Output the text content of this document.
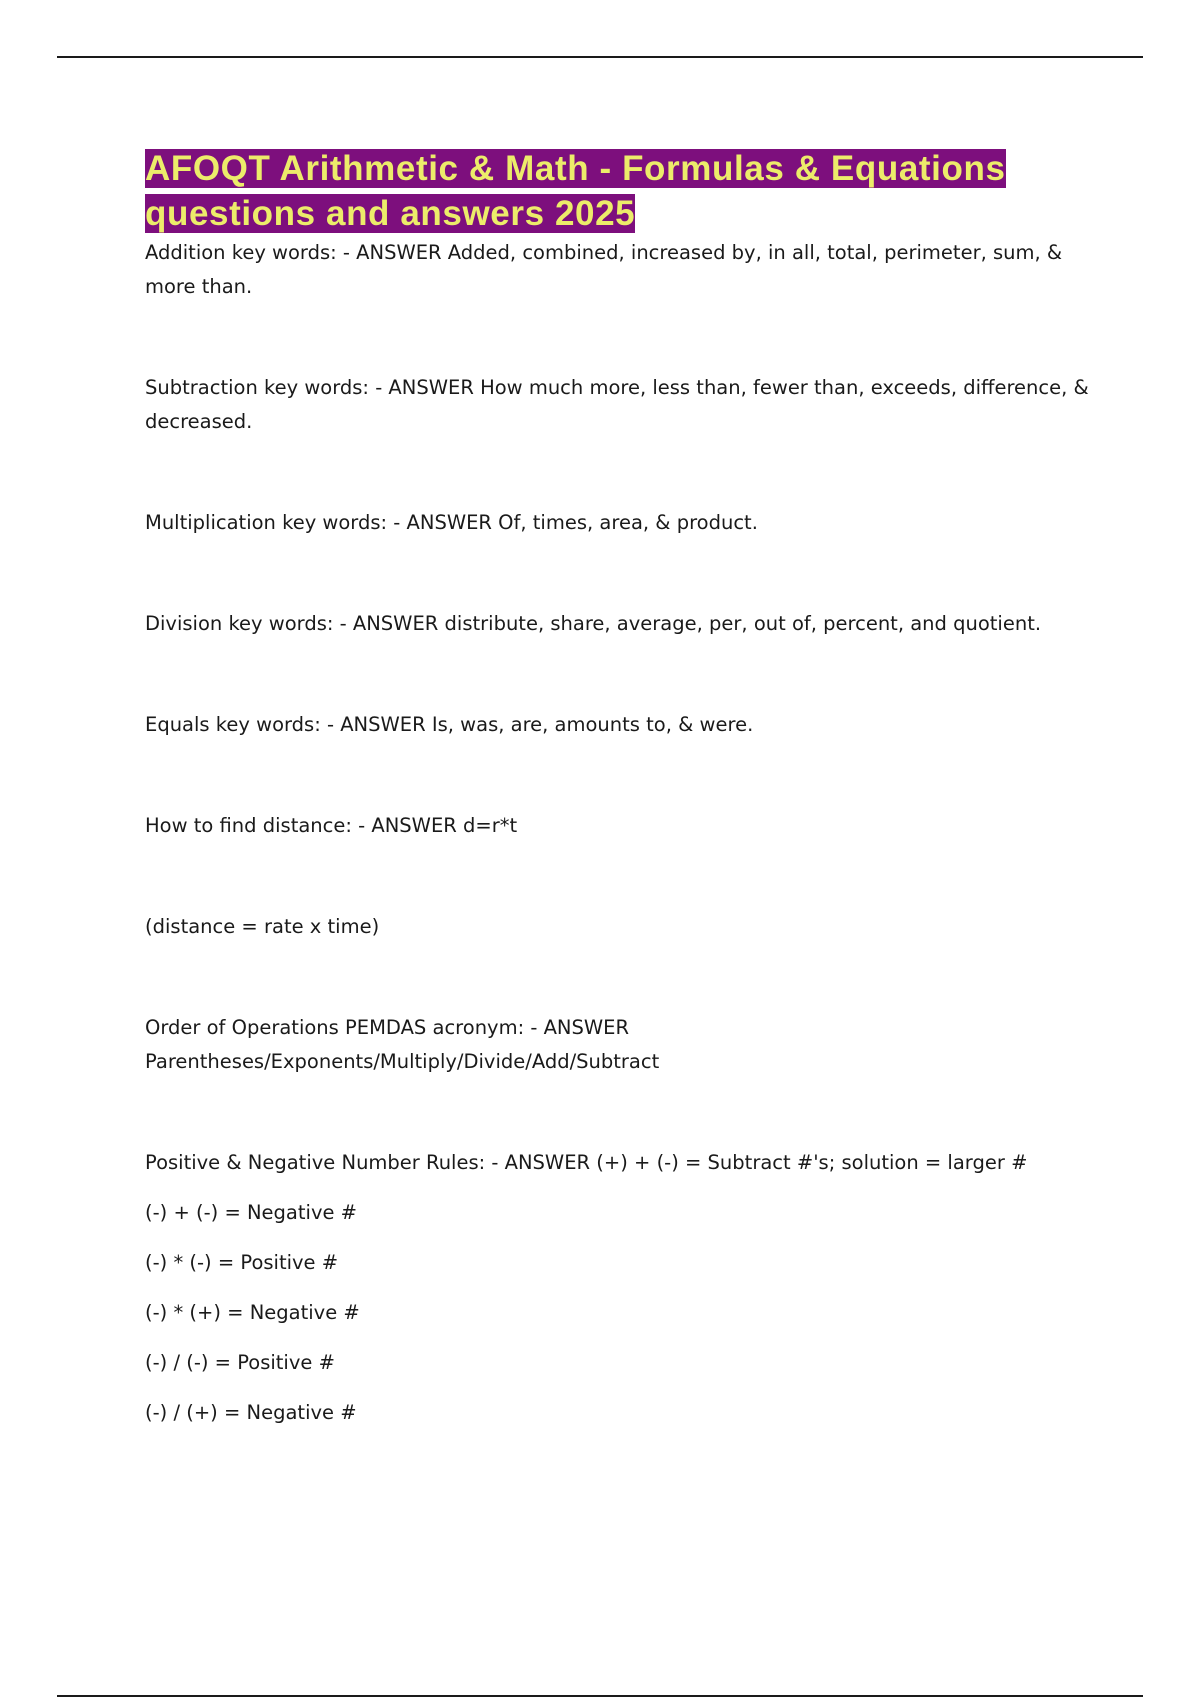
AFOQT Arithmetic & Math - Formulas & Equations questions and answers 2025

Addition key words: - ANSWER Added, combined, increased by, in all, total, perimeter, sum, & more than.

Subtraction key words: - ANSWER How much more, less than, fewer than, exceeds, difference, & decreased.

Multiplication key words: - ANSWER Of, times, area, & product.

Division key words: - ANSWER distribute, share, average, per, out of, percent, and quotient.

Equals key words: - ANSWER Is, was, are, amounts to, & were.

How to find distance: - ANSWER d=r*t

(distance = rate x time)

Order of Operations PEMDAS acronym: - ANSWER Parentheses/Exponents/Multiply/Divide/Add/Subtract

Positive & Negative Number Rules: - ANSWER (+) + (-) = Subtract #'s; solution = larger #

(-) + (-) = Negative #

(-) * (-) = Positive #

(-) * (+) = Negative #

(-) / (-) = Positive #

(-) / (+) = Negative #
